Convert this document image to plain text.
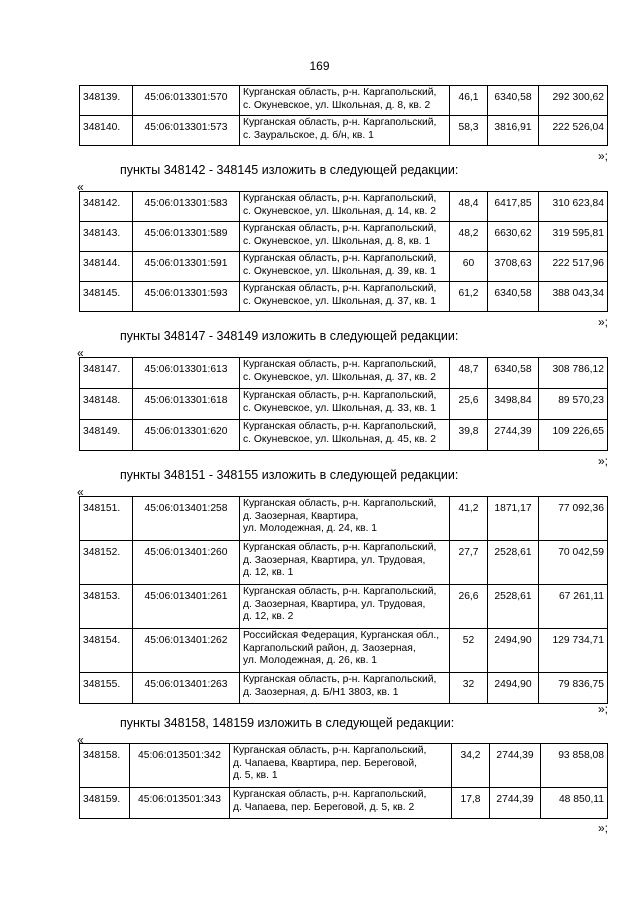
169
348139.	45:06:013301:570	Курганская область, р-н. Каргапольский,
с. Окуневское, ул. Школьная, д. 8, кв. 2	46,1	6340,58	292 300,62
348140.	45:06:013301:573	Курганская область, р-н. Каргапольский,
с. Зауральское, д. б/н, кв. 1	58,3	3816,91	222 526,04
»;
пункты 348142 - 348145 изложить в следующей редакции:
«
348142.	45:06:013301:583	Курганская область, р-н. Каргапольский,
с. Окуневское, ул. Школьная, д. 14, кв. 2	48,4	6417,85	310 623,84
348143.	45:06:013301:589	Курганская область, р-н. Каргапольский,
с. Окуневское, ул. Школьная, д. 8, кв. 1	48,2	6630,62	319 595,81
348144.	45:06:013301:591	Курганская область, р-н. Каргапольский,
с. Окуневское, ул. Школьная, д. 39, кв. 1	60	3708,63	222 517,96
348145.	45:06:013301:593	Курганская область, р-н. Каргапольский,
с. Окуневское, ул. Школьная, д. 37, кв. 1	61,2	6340,58	388 043,34
»;
пункты 348147 - 348149 изложить в следующей редакции:
«
348147.	45:06:013301:613	Курганская область, р-н. Каргапольский,
с. Окуневское, ул. Школьная, д. 37, кв. 2	48,7	6340,58	308 786,12
348148.	45:06:013301:618	Курганская область, р-н. Каргапольский,
с. Окуневское, ул. Школьная, д. 33, кв. 1	25,6	3498,84	89 570,23
348149.	45:06:013301:620	Курганская область, р-н. Каргапольский,
с. Окуневское, ул. Школьная, д. 45, кв. 2	39,8	2744,39	109 226,65
»;
пункты 348151 - 348155 изложить в следующей редакции:
«
348151.	45:06:013401:258	Курганская область, р-н. Каргапольский,
д. Заозерная, Квартира,
ул. Молодежная, д. 24, кв. 1	41,2	1871,17	77 092,36
348152.	45:06:013401:260	Курганская область, р-н. Каргапольский,
д. Заозерная, Квартира, ул. Трудовая,
д. 12, кв. 1	27,7	2528,61	70 042,59
348153.	45:06:013401:261	Курганская область, р-н. Каргапольский,
д. Заозерная, Квартира, ул. Трудовая,
д. 12, кв. 2	26,6	2528,61	67 261,11
348154.	45:06:013401:262	Российская Федерация, Курганская обл.,
Каргапольский район, д. Заозерная,
ул. Молодежная, д. 26, кв. 1	52	2494,90	129 734,71
348155.	45:06:013401:263	Курганская область, р-н. Каргапольский,
д. Заозерная, д. Б/Н1 3803, кв. 1	32	2494,90	79 836,75
»;
пункты 348158, 148159 изложить в следующей редакции:
«
348158.	45:06:013501:342	Курганская область, р-н. Каргапольский,
д. Чапаева, Квартира, пер. Береговой,
д. 5, кв. 1	34,2	2744,39	93 858,08
348159.	45:06:013501:343	Курганская область, р-н. Каргапольский,
д. Чапаева, пер. Береговой, д. 5, кв. 2	17,8	2744,39	48 850,11
»;
